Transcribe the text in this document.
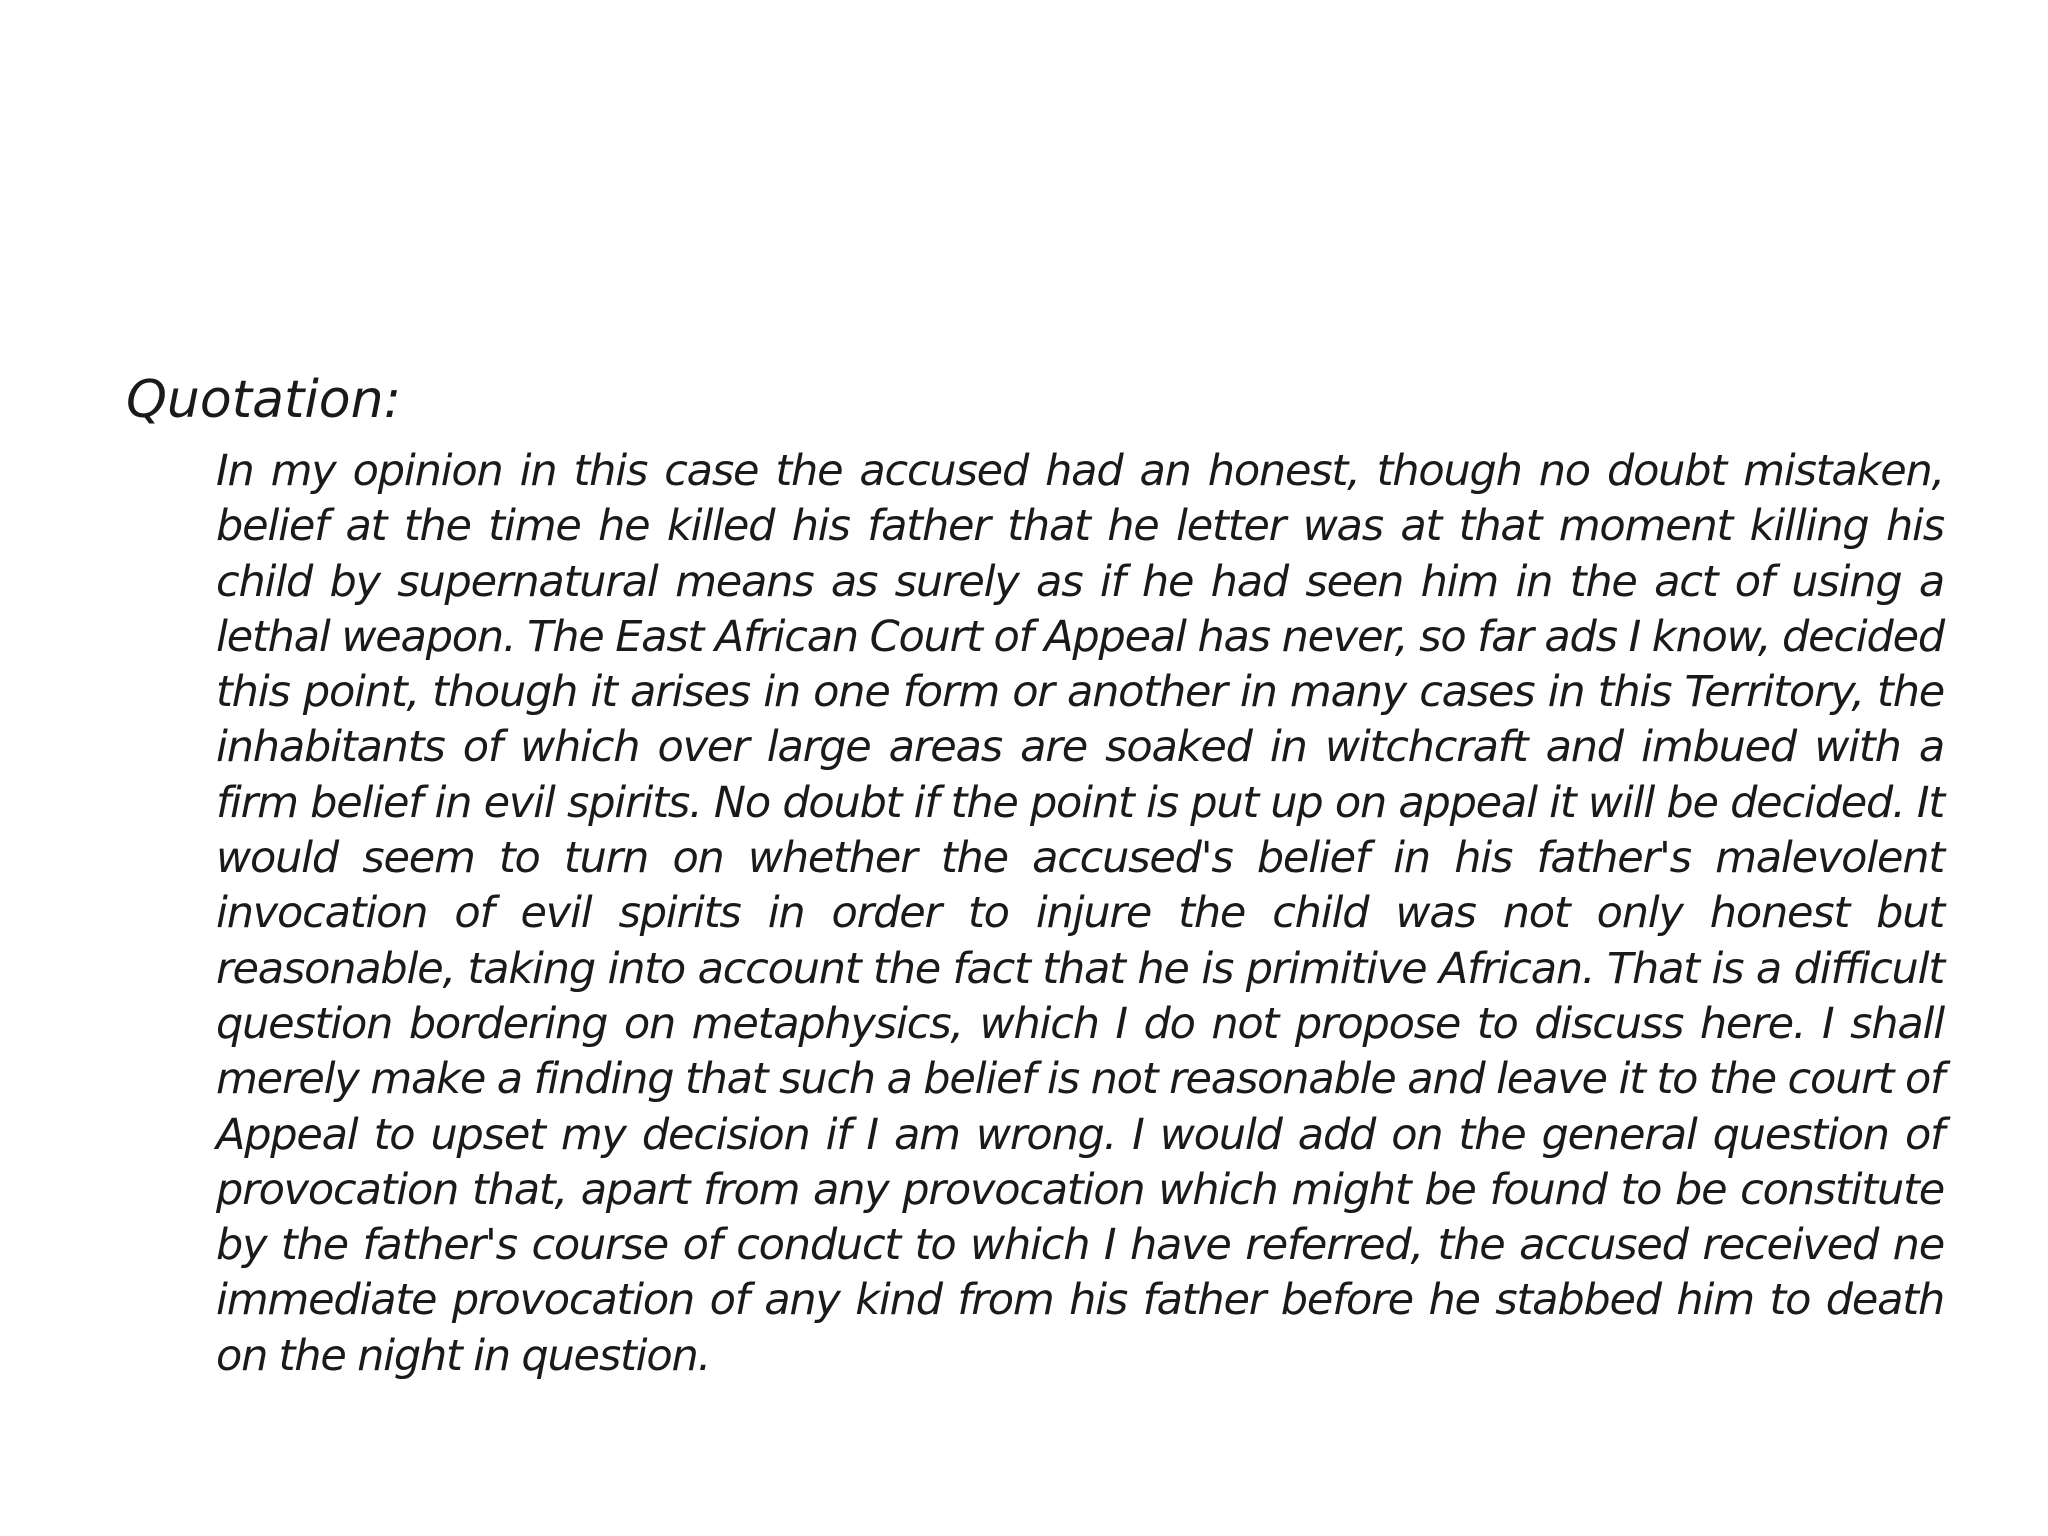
Quotation:

In my opinion in this case the accused had an honest, though no doubt mistaken, belief at the time he killed his father that he letter was at that moment killing his child by supernatural means as surely as if he had seen him in the act of using a lethal weapon. The East African Court of Appeal has never, so far ads I know, decided this point, though it arises in one form or another in many cases in this Territory, the inhabitants of which over large areas are soaked in witchcraft and imbued with a firm belief in evil spirits. No doubt if the point is put up on appeal it will be decided. It would seem to turn on whether the accused's belief in his father's malevolent invocation of evil spirits in order to injure the child was not only honest but reasonable, taking into account the fact that he is primitive African. That is a difficult question bordering on metaphysics, which I do not propose to discuss here. I shall merely make a finding that such a belief is not reasonable and leave it to the court of Appeal to upset my decision if I am wrong. I would add on the general question of provocation that, apart from any provocation which might be found to be constitute by the father's course of conduct to which I have referred, the accused received ne immediate provocation of any kind from his father before he stabbed him to death on the night in question.
